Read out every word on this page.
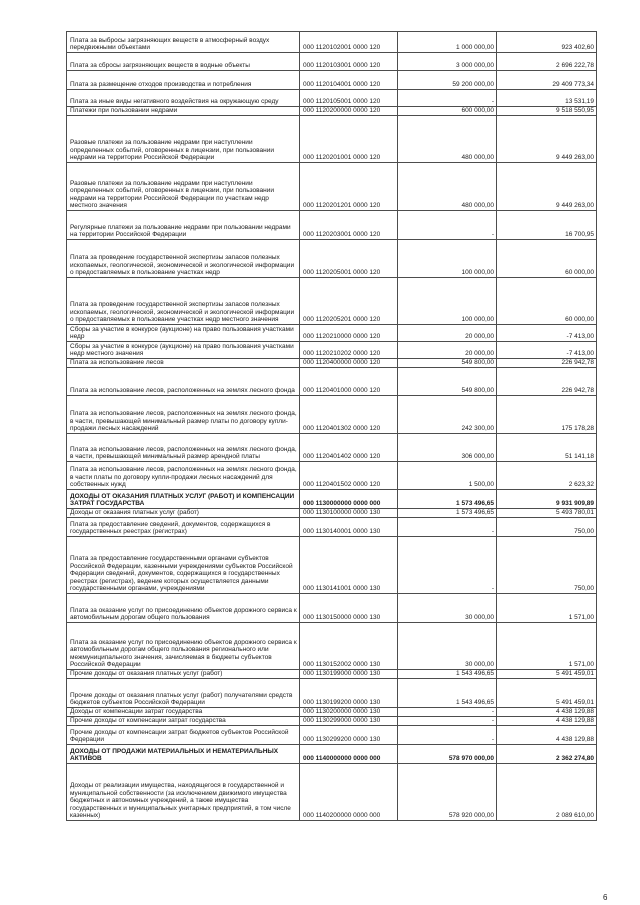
Плата за выбросы загрязняющих веществ в атмосферный воздух передвижными объектами	000 1120102001 0000 120	1 000 000,00	923 402,60
Плата за сбросы загрязняющих веществ в водные объекты	000 1120103001 0000 120	3 000 000,00	2 696 222,78
Плата за размещение отходов производства и потребления	000 1120104001 0000 120	59 200 000,00	29 409 773,34
Плата за иные виды негативного воздействия на окружающую среду	000 1120105001 0000 120	-	13 531,19
Платежи при пользовании недрами	000 1120200000 0000 120	600 000,00	9 518 550,95
Разовые платежи за пользование недрами при наступлении определенных событий, оговоренных в лицензии, при пользовании недрами на территории Российской Федерации	000 1120201001 0000 120	480 000,00	9 449 263,00
Разовые платежи за пользование недрами при наступлении определенных событий, оговоренных в лицензии, при пользовании недрами на территории Российской Федерации по участкам недр местного значения	000 1120201201 0000 120	480 000,00	9 449 263,00
Регулярные платежи за пользование недрами при пользовании недрами на территории Российской Федерации	000 1120203001 0000 120	-	16 700,95
Плата за проведение государственной экспертизы запасов полезных ископаемых, геологической, экономической и экологической информации о предоставляемых в пользование участках недр	000 1120205001 0000 120	100 000,00	60 000,00
Плата за проведение государственной экспертизы запасов полезных ископаемых, геологической, экономической и экологической информации о предоставляемых в пользование участках недр местного значения	000 1120205201 0000 120	100 000,00	60 000,00
Сборы за участие в конкурсе (аукционе) на право пользования участками недр	000 1120210000 0000 120	20 000,00	-7 413,00
Сборы за участие в конкурсе (аукционе) на право пользования участками недр местного значения	000 1120210202 0000 120	20 000,00	-7 413,00
Плата за использование лесов	000 1120400000 0000 120	549 800,00	226 942,78
Плата за использование лесов, расположенных на землях лесного фонда	000 1120401000 0000 120	549 800,00	226 942,78
Плата за использование лесов, расположенных на землях лесного фонда, в части, превышающей минимальный размер платы по договору купли-продажи лесных насаждений	000 1120401302 0000 120	242 300,00	175 178,28
Плата за использование лесов, расположенных на землях лесного фонда, в части, превышающей минимальный размер арендной платы	000 1120401402 0000 120	306 000,00	51 141,18
Плата за использование лесов, расположенных на землях лесного фонда, в части платы по договору купли-продажи лесных насаждений для собственных нужд	000 1120401502 0000 120	1 500,00	2 623,32
ДОХОДЫ ОТ ОКАЗАНИЯ ПЛАТНЫХ УСЛУГ (РАБОТ) И КОМПЕНСАЦИИ ЗАТРАТ ГОСУДАРСТВА	000 1130000000 0000 000	1 573 496,65	9 931 909,89
Доходы от оказания платных услуг (работ)	000 1130100000 0000 130	1 573 496,65	5 493 780,01
Плата за предоставление сведений, документов, содержащихся в государственных реестрах (регистрах)	000 1130140001 0000 130	-	750,00
Плата за предоставление государственными органами субъектов Российской Федерации, казенными учреждениями субъектов Российской Федерации сведений, документов, содержащихся в государственных реестрах (регистрах), ведение которых осуществляется данными государственными органами, учреждениями	000 1130141001 0000 130	-	750,00
Плата за оказание услуг по присоединению объектов дорожного сервиса к автомобильным дорогам общего пользования	000 1130150000 0000 130	30 000,00	1 571,00
Плата за оказание услуг по присоединению объектов дорожного сервиса к автомобильным дорогам общего пользования регионального или межмуниципального значения, зачисляемая в бюджеты субъектов Российской Федерации	000 1130152002 0000 130	30 000,00	1 571,00
Прочие доходы от оказания платных услуг (работ)	000 1130199000 0000 130	1 543 496,65	5 491 459,01
Прочие доходы от оказания платных услуг (работ) получателями средств бюджетов субъектов Российской Федерации	000 1130199200 0000 130	1 543 496,65	5 491 459,01
Доходы от компенсации затрат государства	000 1130200000 0000 130	-	4 438 129,88
Прочие доходы от компенсации затрат государства	000 1130299000 0000 130	-	4 438 129,88
Прочие доходы от компенсации затрат бюджетов субъектов Российской Федерации	000 1130299200 0000 130	-	4 438 129,88
ДОХОДЫ ОТ ПРОДАЖИ МАТЕРИАЛЬНЫХ И НЕМАТЕРИАЛЬНЫХ АКТИВОВ	000 1140000000 0000 000	578 970 000,00	2 362 274,80
Доходы от реализации имущества, находящегося в государственной и муниципальной собственности (за исключением движимого имущества бюджетных и автономных учреждений, а также имущества государственных и муниципальных унитарных предприятий, в том числе казенных)	000 1140200000 0000 000	578 920 000,00	2 089 610,00
6
